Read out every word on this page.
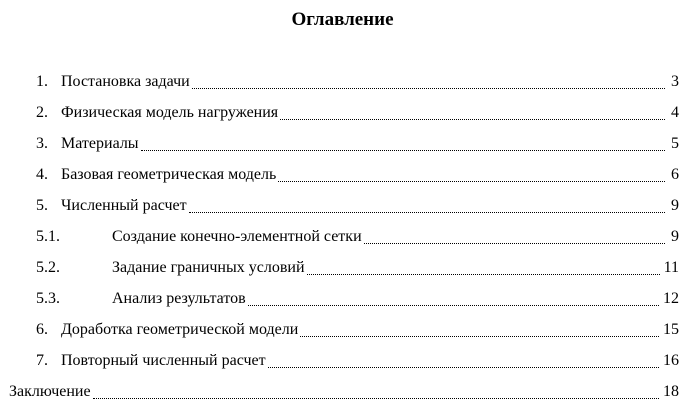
Оглавление
1. Постановка задачи	3
2. Физическая модель нагружения	4
3. Материалы	5
4. Базовая геометрическая модель	6
5. Численный расчет	9
5.1.	Создание конечно-элементной сетки	9
5.2.	Задание граничных условий	11
5.3.	Анализ результатов	12
6. Доработка геометрической модели	15
7. Повторный численный расчет	16
Заключение	18
